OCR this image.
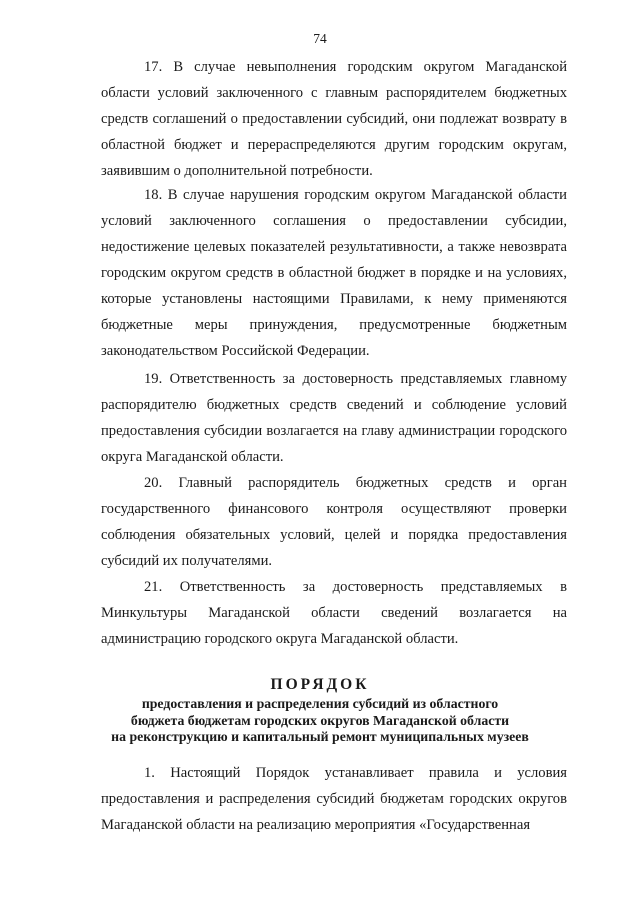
74

17. В случае невыполнения городским округом Магаданской области условий заключенного с главным распорядителем бюджетных средств соглашений о предоставлении субсидий, они подлежат возврату в областной бюджет и перераспределяются другим городским округам, заявившим о дополнительной потребности.

18. В случае нарушения городским округом Магаданской области условий заключенного соглашения о предоставлении субсидии, недостижение целевых показателей результативности, а также невозврата городским округом средств в областной бюджет в порядке и на условиях, которые установлены настоящими Правилами, к нему применяются бюджетные меры принуждения, предусмотренные бюджетным законодательством Российской Федерации.

19. Ответственность за достоверность представляемых главному распорядителю бюджетных средств сведений и соблюдение условий предоставления субсидии возлагается на главу администрации городского округа Магаданской области.

20. Главный распорядитель бюджетных средств и орган государственного финансового контроля осуществляют проверки соблюдения обязательных условий, целей и порядка предоставления субсидий их получателями.

21. Ответственность за достоверность представляемых в Минкультуры Магаданской области сведений возлагается на администрацию городского округа Магаданской области.

ПОРЯДОК
предоставления и распределения субсидий из областного
бюджета бюджетам городских округов Магаданской области
на реконструкцию и капитальный ремонт муниципальных музеев

1. Настоящий Порядок устанавливает правила и условия предоставления и распределения субсидий бюджетам городских округов Магаданской области на реализацию мероприятия «Государственная
